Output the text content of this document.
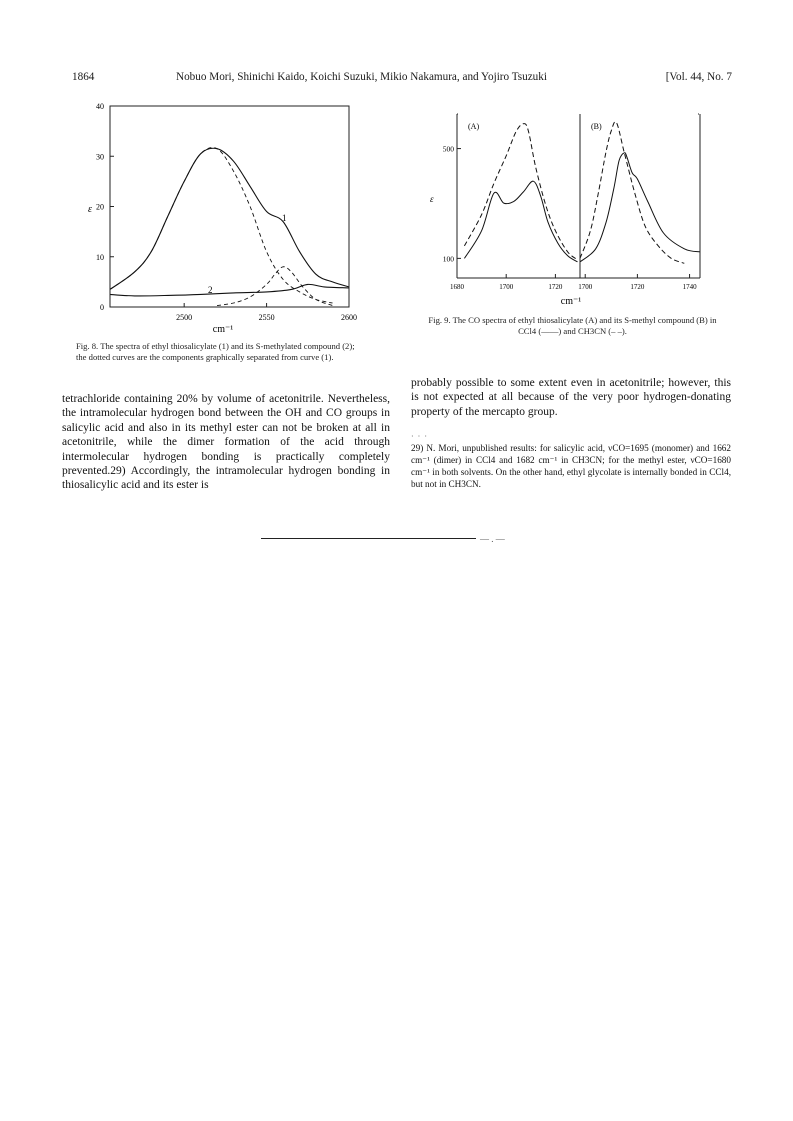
1864	Nobuo Mori, Shinichi Kaido, Koichi Suzuki, Mikio Nakamura, and Yojiro Tsuzuki	[Vol. 44, No. 7
0
10
20
30
40
2500	2550	2600
ε
cm⁻¹
1
2
Fig. 8. The spectra of ethyl thiosalicylate (1) and its S-methylated compound (2); the dotted curves are the components graphically separated from curve (1).
100
500
1680	1700	1720 1700	1720	1740
(A)	(B)
ε
cm⁻¹
Fig. 9. The CO spectra of ethyl thiosalicylate (A) and its S-methyl compound (B) in CCl4 (——) and CH3CN (– –).

tetrachloride containing 20% by volume of acetonitrile. Nevertheless, the intramolecular hydrogen bond between the OH and CO groups in salicylic acid and also in its methyl ester can not be broken at all in acetonitrile, while the dimer formation of the acid through intermolecular hydrogen bonding is practically completely prevented.29) Accordingly, the intramolecular hydrogen bonding in thiosalicylic acid and its ester is

probably possible to some extent even in acetonitrile; however, this is not expected at all because of the very poor hydrogen-donating property of the mercapto group.

· · ·

29) N. Mori, unpublished results: for salicylic acid, νCO=1695 (monomer) and 1662 cm⁻¹ (dimer) in CCl4 and 1682 cm⁻¹ in CH3CN; for the methyl ester, νCO=1680 cm⁻¹ in both solvents. On the other hand, ethyl glycolate is internally bonded in CCl4, but not in CH3CN.

— . —
